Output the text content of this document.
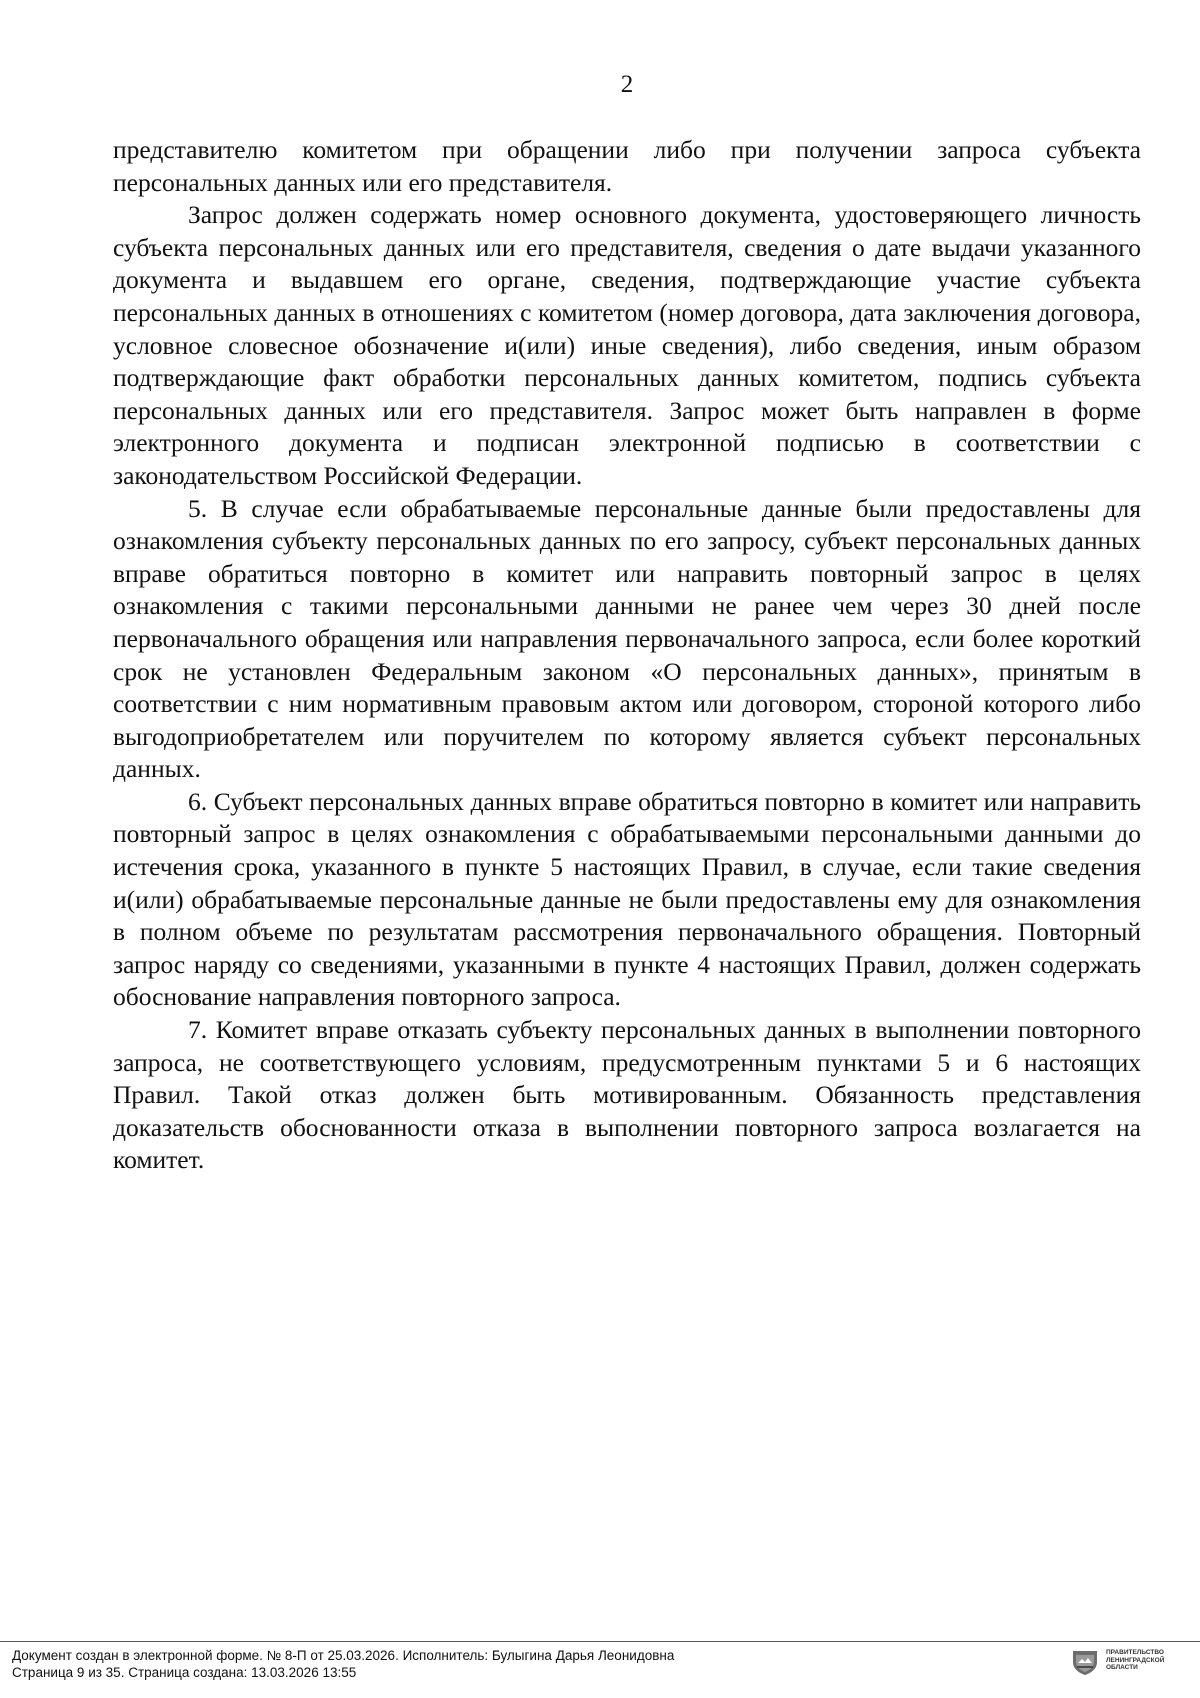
2

представителю комитетом при обращении либо при получении запроса субъекта персональных данных или его представителя.

Запрос должен содержать номер основного документа, удостоверяющего личность субъекта персональных данных или его представителя, сведения о дате выдачи указанного документа и выдавшем его органе, сведения, подтверждающие участие субъекта персональных данных в отношениях с комитетом (номер договора, дата заключения договора, условное словесное обозначение и(или) иные сведения), либо сведения, иным образом подтверждающие факт обработки персональных данных комитетом, подпись субъекта персональных данных или его представителя. Запрос может быть направлен в форме электронного документа и подписан электронной подписью в соответствии с законодательством Российской Федерации.

5. В случае если обрабатываемые персональные данные были предоставлены для ознакомления субъекту персональных данных по его запросу, субъект персональных данных вправе обратиться повторно в комитет или направить повторный запрос в целях ознакомления с такими персональными данными не ранее чем через 30 дней после первоначального обращения или направления первоначального запроса, если более короткий срок не установлен Федеральным законом «О персональных данных», принятым в соответствии с ним нормативным правовым актом или договором, стороной которого либо выгодоприобретателем или поручителем по которому является субъект персональных данных.

6. Субъект персональных данных вправе обратиться повторно в комитет или направить повторный запрос в целях ознакомления с обрабатываемыми персональными данными до истечения срока, указанного в пункте 5 настоящих Правил, в случае, если такие сведения и(или) обрабатываемые персональные данные не были предоставлены ему для ознакомления в полном объеме по результатам рассмотрения первоначального обращения. Повторный запрос наряду со сведениями, указанными в пункте 4 настоящих Правил, должен содержать обоснование направления повторного запроса.

7. Комитет вправе отказать субъекту персональных данных в выполнении повторного запроса, не соответствующего условиям, предусмотренным пунктами 5 и 6 настоящих Правил. Такой отказ должен быть мотивированным. Обязанность представления доказательств обоснованности отказа в выполнении повторного запроса возлагается на комитет.

Документ создан в электронной форме. № 8-П от 25.03.2026. Исполнитель: Булыгина Дарья Леонидовна
Страница 9 из 35. Страница создана: 13.03.2026 13:55
ПРАВИТЕЛЬСТВО
ЛЕНИНГРАДСКОЙ
ОБЛАСТИ
